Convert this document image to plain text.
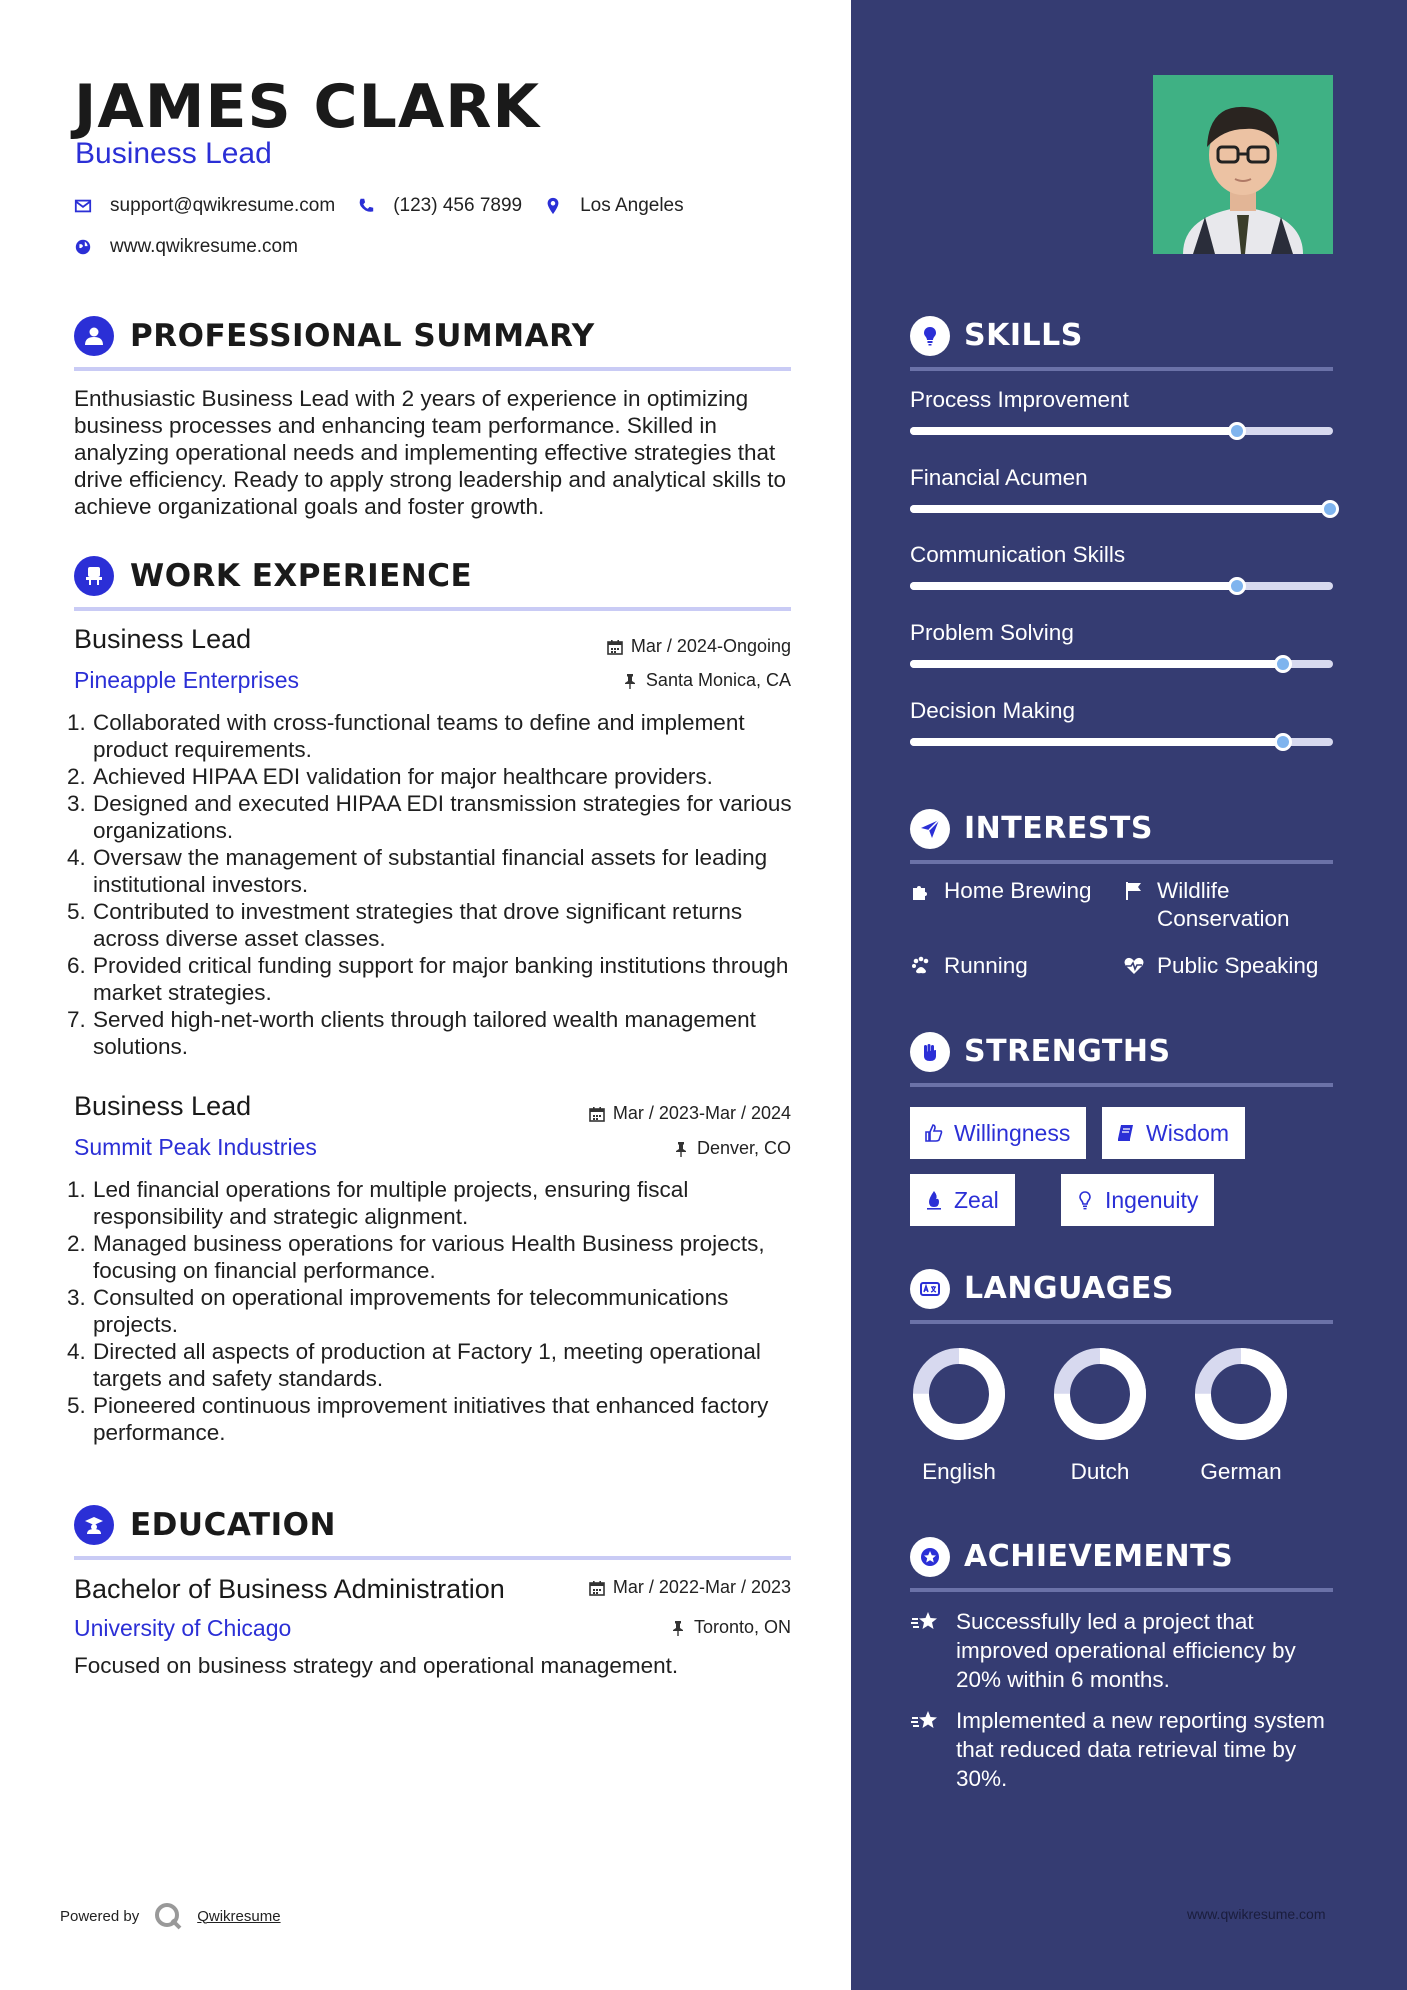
JAMES CLARK
Business Lead
support@qwikresume.com	(123) 456 7899	Los Angeles
www.qwikresume.com
PROFESSIONAL SUMMARY
Enthusiastic Business Lead with 2 years of experience in optimizing business processes and enhancing team performance. Skilled in analyzing operational needs and implementing effective strategies that drive efficiency. Ready to apply strong leadership and analytical skills to achieve organizational goals and foster growth.
WORK EXPERIENCE
Business Lead	Mar / 2024-Ongoing
Pineapple Enterprises	Santa Monica, CA
Collaborated with cross-functional teams to define and implement product requirements.
Achieved HIPAA EDI validation for major healthcare providers.
Designed and executed HIPAA EDI transmission strategies for various organizations.
Oversaw the management of substantial financial assets for leading institutional investors.
Contributed to investment strategies that drove significant returns across diverse asset classes.
Provided critical funding support for major banking institutions through market strategies.
Served high-net-worth clients through tailored wealth management solutions.
Business Lead	Mar / 2023-Mar / 2024
Summit Peak Industries	Denver, CO
Led financial operations for multiple projects, ensuring fiscal responsibility and strategic alignment.
Managed business operations for various Health Business projects, focusing on financial performance.
Consulted on operational improvements for telecommunications projects.
Directed all aspects of production at Factory 1, meeting operational targets and safety standards.
Pioneered continuous improvement initiatives that enhanced factory performance.
EDUCATION
Bachelor of Business Administration	Mar / 2022-Mar / 2023
University of Chicago	Toronto, ON
Focused on business strategy and operational management.
Powered by	Qwikresume
SKILLS
Process Improvement
Financial Acumen
Communication Skills
Problem Solving
Decision Making
INTERESTS
Home Brewing	Wildlife Conservation
Running	Public Speaking
STRENGTHS
Willingness	Wisdom
Zeal	Ingenuity
LANGUAGES
English	Dutch	German
ACHIEVEMENTS
Successfully led a project that improved operational efficiency by 20% within 6 months.
Implemented a new reporting system that reduced data retrieval time by 30%.
www.qwikresume.com
